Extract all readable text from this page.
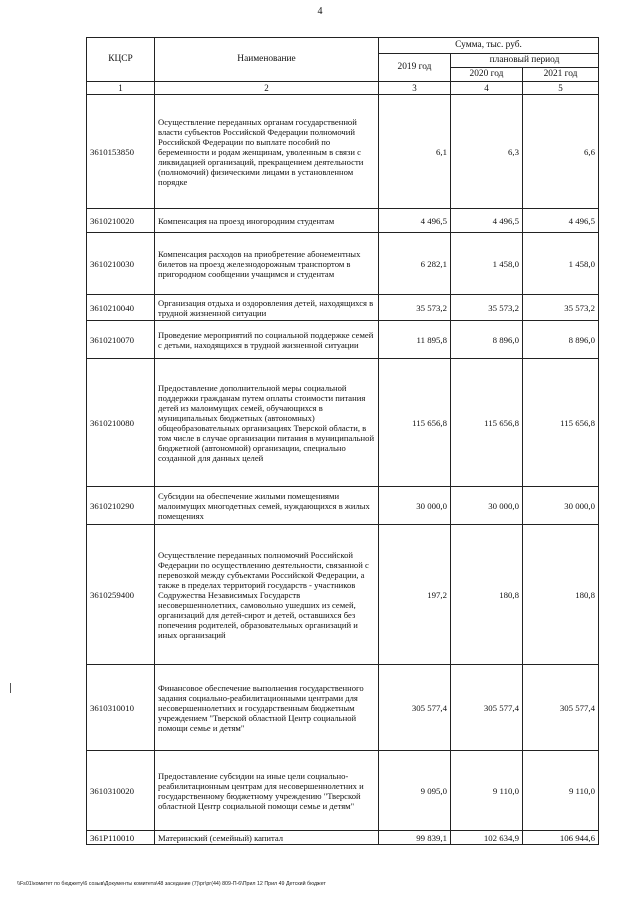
4
КЦСР	Наименование	Сумма, тыс. руб.		
		2019 год	плановый период	
			2020 год	2021 год
1	2	3	4	5
3610153850	Осуществление переданных органам государственной власти субъектов Российской Федерации полномочий Российской Федерации по выплате пособий по беременности и родам женщинам, уволенным в связи с ликвидацией организаций, прекращением деятельности (полномочий) физическими лицами в установленном порядке	6,1	6,3	6,6
3610210020	Компенсация на проезд иногородним студентам	4 496,5	4 496,5	4 496,5
3610210030	Компенсация расходов на приобретение абонементных билетов на проезд железнодорожным транспортом в пригородном сообщении учащимся и студентам	6 282,1	1 458,0	1 458,0
3610210040	Организация отдыха и оздоровления детей, находящихся в трудной жизненной ситуации	35 573,2	35 573,2	35 573,2
3610210070	Проведение мероприятий по социальной поддержке семей с детьми, находящихся в трудной жизненной ситуации	11 895,8	8 896,0	8 896,0
3610210080	Предоставление дополнительной меры социальной поддержки гражданам путем оплаты стоимости питания детей из малоимущих семей, обучающихся в муниципальных бюджетных (автономных) общеобразовательных организациях Тверской области, в том числе в случае организации питания в муниципальной бюджетной (автономной) организации, специально созданной для данных целей	115 656,8	115 656,8	115 656,8
3610210290	Субсидии на обеспечение жилыми помещениями малоимущих многодетных семей, нуждающихся в жилых помещениях	30 000,0	30 000,0	30 000,0
3610259400	Осуществление переданных полномочий Российской Федерации по осуществлению деятельности, связанной с перевозкой между субъектами Российской Федерации, а также в пределах территорий государств - участников Содружества Независимых Государств несовершеннолетних, самовольно ушедших из семей, организаций для детей-сирот и детей, оставшихся без попечения родителей, образовательных организаций и иных организаций	197,2	180,8	180,8
3610310010	Финансовое обеспечение выполнения государственного задания социально-реабилитационными центрами для несовершеннолетних и государственным бюджетным учреждением "Тверской областной Центр социальной помощи семье и детям"	305 577,4	305 577,4	305 577,4
3610310020	Предоставление субсидии на иные цели социально-реабилитационным центрам для несовершеннолетних и государственному бюджетному учреждению "Тверской областной Центр социальной помощи семье и детям"	9 095,0	9 110,0	9 110,0
361P110010	Материнский (семейный) капитал	99 839,1	102 634,9	106 944,6
\\Fs01\комитет по бюджету\6 созыв\Документы комитета\48 заседание (7)\рг\рг(44) 809-П-6\Прил 12 Прил 49 Детский бюджет
